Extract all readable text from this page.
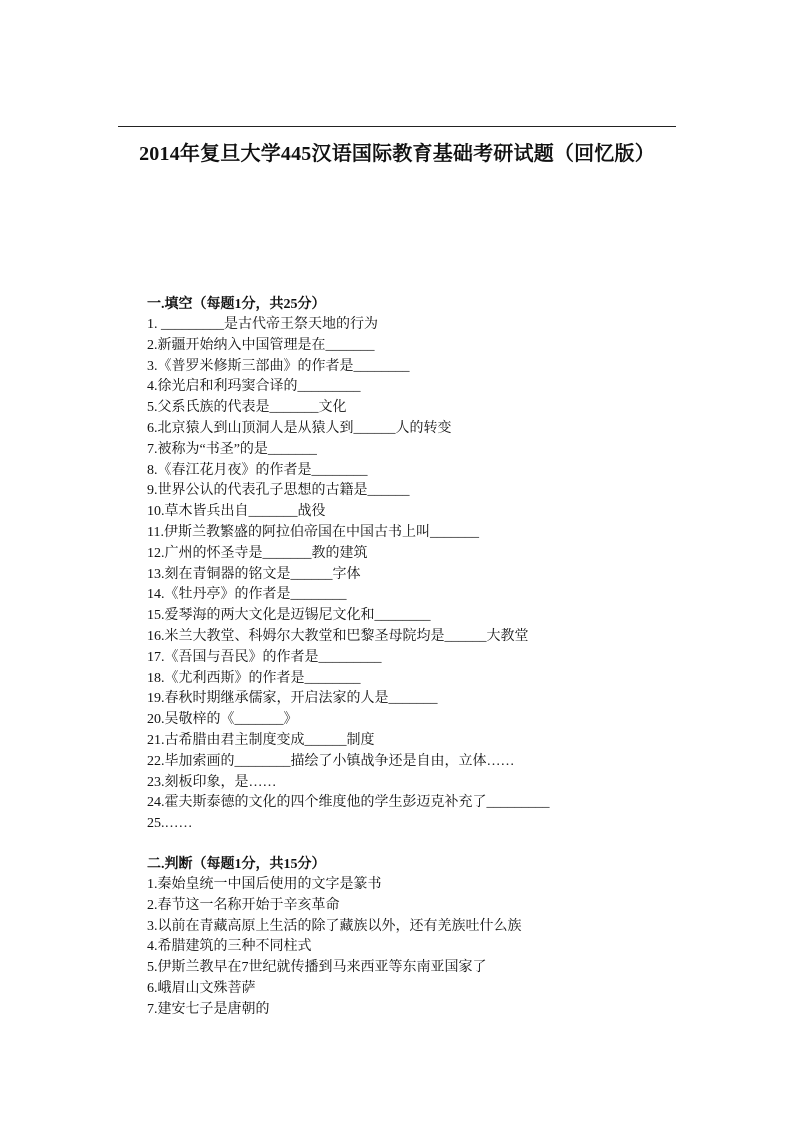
2014年复旦大学445汉语国际教育基础考研试题（回忆版）
一.填空（每题1分，共25分）
1. _________是古代帝王祭天地的行为
2.新疆开始纳入中国管理是在_______
3.《普罗米修斯三部曲》的作者是________
4.徐光启和利玛窦合译的_________
5.父系氏族的代表是_______文化
6.北京猿人到山顶洞人是从猿人到______人的转变
7.被称为“书圣”的是_______
8.《春江花月夜》的作者是________
9.世界公认的代表孔子思想的古籍是______
10.草木皆兵出自_______战役
11.伊斯兰教繁盛的阿拉伯帝国在中国古书上叫_______
12.广州的怀圣寺是_______教的建筑
13.刻在青铜器的铭文是______字体
14.《牡丹亭》的作者是________
15.爱琴海的两大文化是迈锡尼文化和________
16.米兰大教堂、科姆尔大教堂和巴黎圣母院均是______大教堂
17.《吾国与吾民》的作者是_________
18.《尤利西斯》的作者是________
19.春秋时期继承儒家，开启法家的人是_______
20.吴敬梓的《_______》
21.古希腊由君主制度变成______制度
22.毕加索画的________描绘了小镇战争还是自由，立体……
23.刻板印象，是……
24.霍夫斯泰德的文化的四个维度他的学生彭迈克补充了_________
25.……
二.判断（每题1分，共15分）
1.秦始皇统一中国后使用的文字是篆书
2.春节这一名称开始于辛亥革命
3.以前在青藏高原上生活的除了藏族以外，还有羌族吐什么族
4.希腊建筑的三种不同柱式
5.伊斯兰教早在7世纪就传播到马来西亚等东南亚国家了
6.峨眉山文殊菩萨
7.建安七子是唐朝的
